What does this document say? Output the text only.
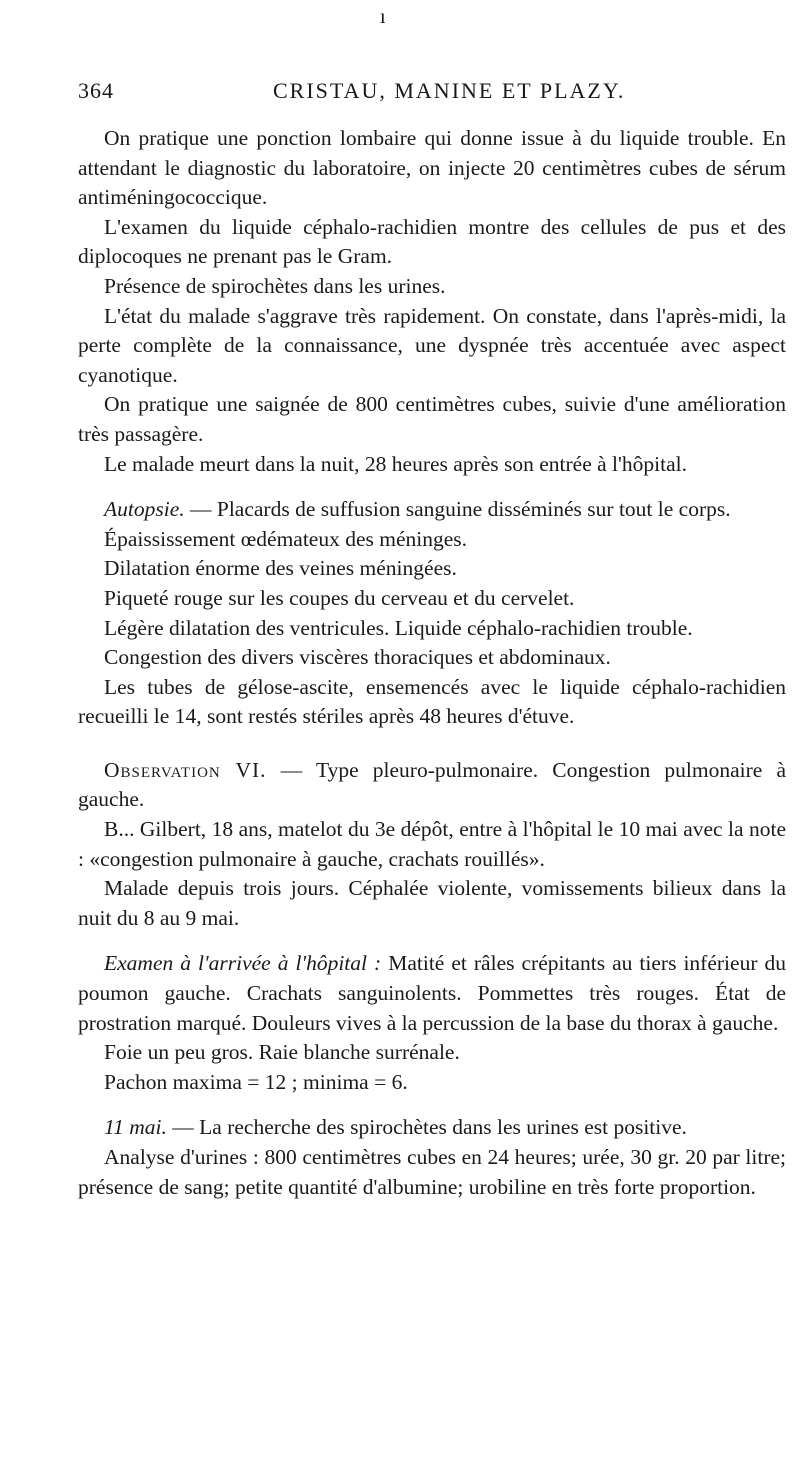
ı
364	CRISTAU, MANINE ET PLAZY.

On pratique une ponction lombaire qui donne issue à du liquide trouble. En attendant le diagnostic du laboratoire, on injecte 20 centimètres cubes de sérum antiméningococcique.

L'examen du liquide céphalo-rachidien montre des cellules de pus et des diplocoques ne prenant pas le Gram.

Présence de spirochètes dans les urines.

L'état du malade s'aggrave très rapidement. On constate, dans l'après-midi, la perte complète de la connaissance, une dyspnée très accentuée avec aspect cyanotique.

On pratique une saignée de 800 centimètres cubes, suivie d'une amélioration très passagère.

Le malade meurt dans la nuit, 28 heures après son entrée à l'hôpital.

Autopsie. — Placards de suffusion sanguine disséminés sur tout le corps.

Épaississement œdémateux des méninges.

Dilatation énorme des veines méningées.

Piqueté rouge sur les coupes du cerveau et du cervelet.

Légère dilatation des ventricules. Liquide céphalo-rachidien trouble.

Congestion des divers viscères thoraciques et abdominaux.

Les tubes de gélose-ascite, ensemencés avec le liquide céphalo-rachidien recueilli le 14, sont restés stériles après 48 heures d'étuve.

Observation VI. — Type pleuro-pulmonaire. Congestion pulmonaire à gauche.

B... Gilbert, 18 ans, matelot du 3e dépôt, entre à l'hôpital le 10 mai avec la note : «congestion pulmonaire à gauche, crachats rouillés».

Malade depuis trois jours. Céphalée violente, vomissements bilieux dans la nuit du 8 au 9 mai.

Examen à l'arrivée à l'hôpital : Matité et râles crépitants au tiers inférieur du poumon gauche. Crachats sanguinolents. Pommettes très rouges. État de prostration marqué. Douleurs vives à la percussion de la base du thorax à gauche.

Foie un peu gros. Raie blanche surrénale.

Pachon maxima = 12 ; minima = 6.

11 mai. — La recherche des spirochètes dans les urines est positive.

Analyse d'urines : 800 centimètres cubes en 24 heures; urée, 30 gr. 20 par litre; présence de sang; petite quantité d'albumine; urobiline en très forte proportion.
